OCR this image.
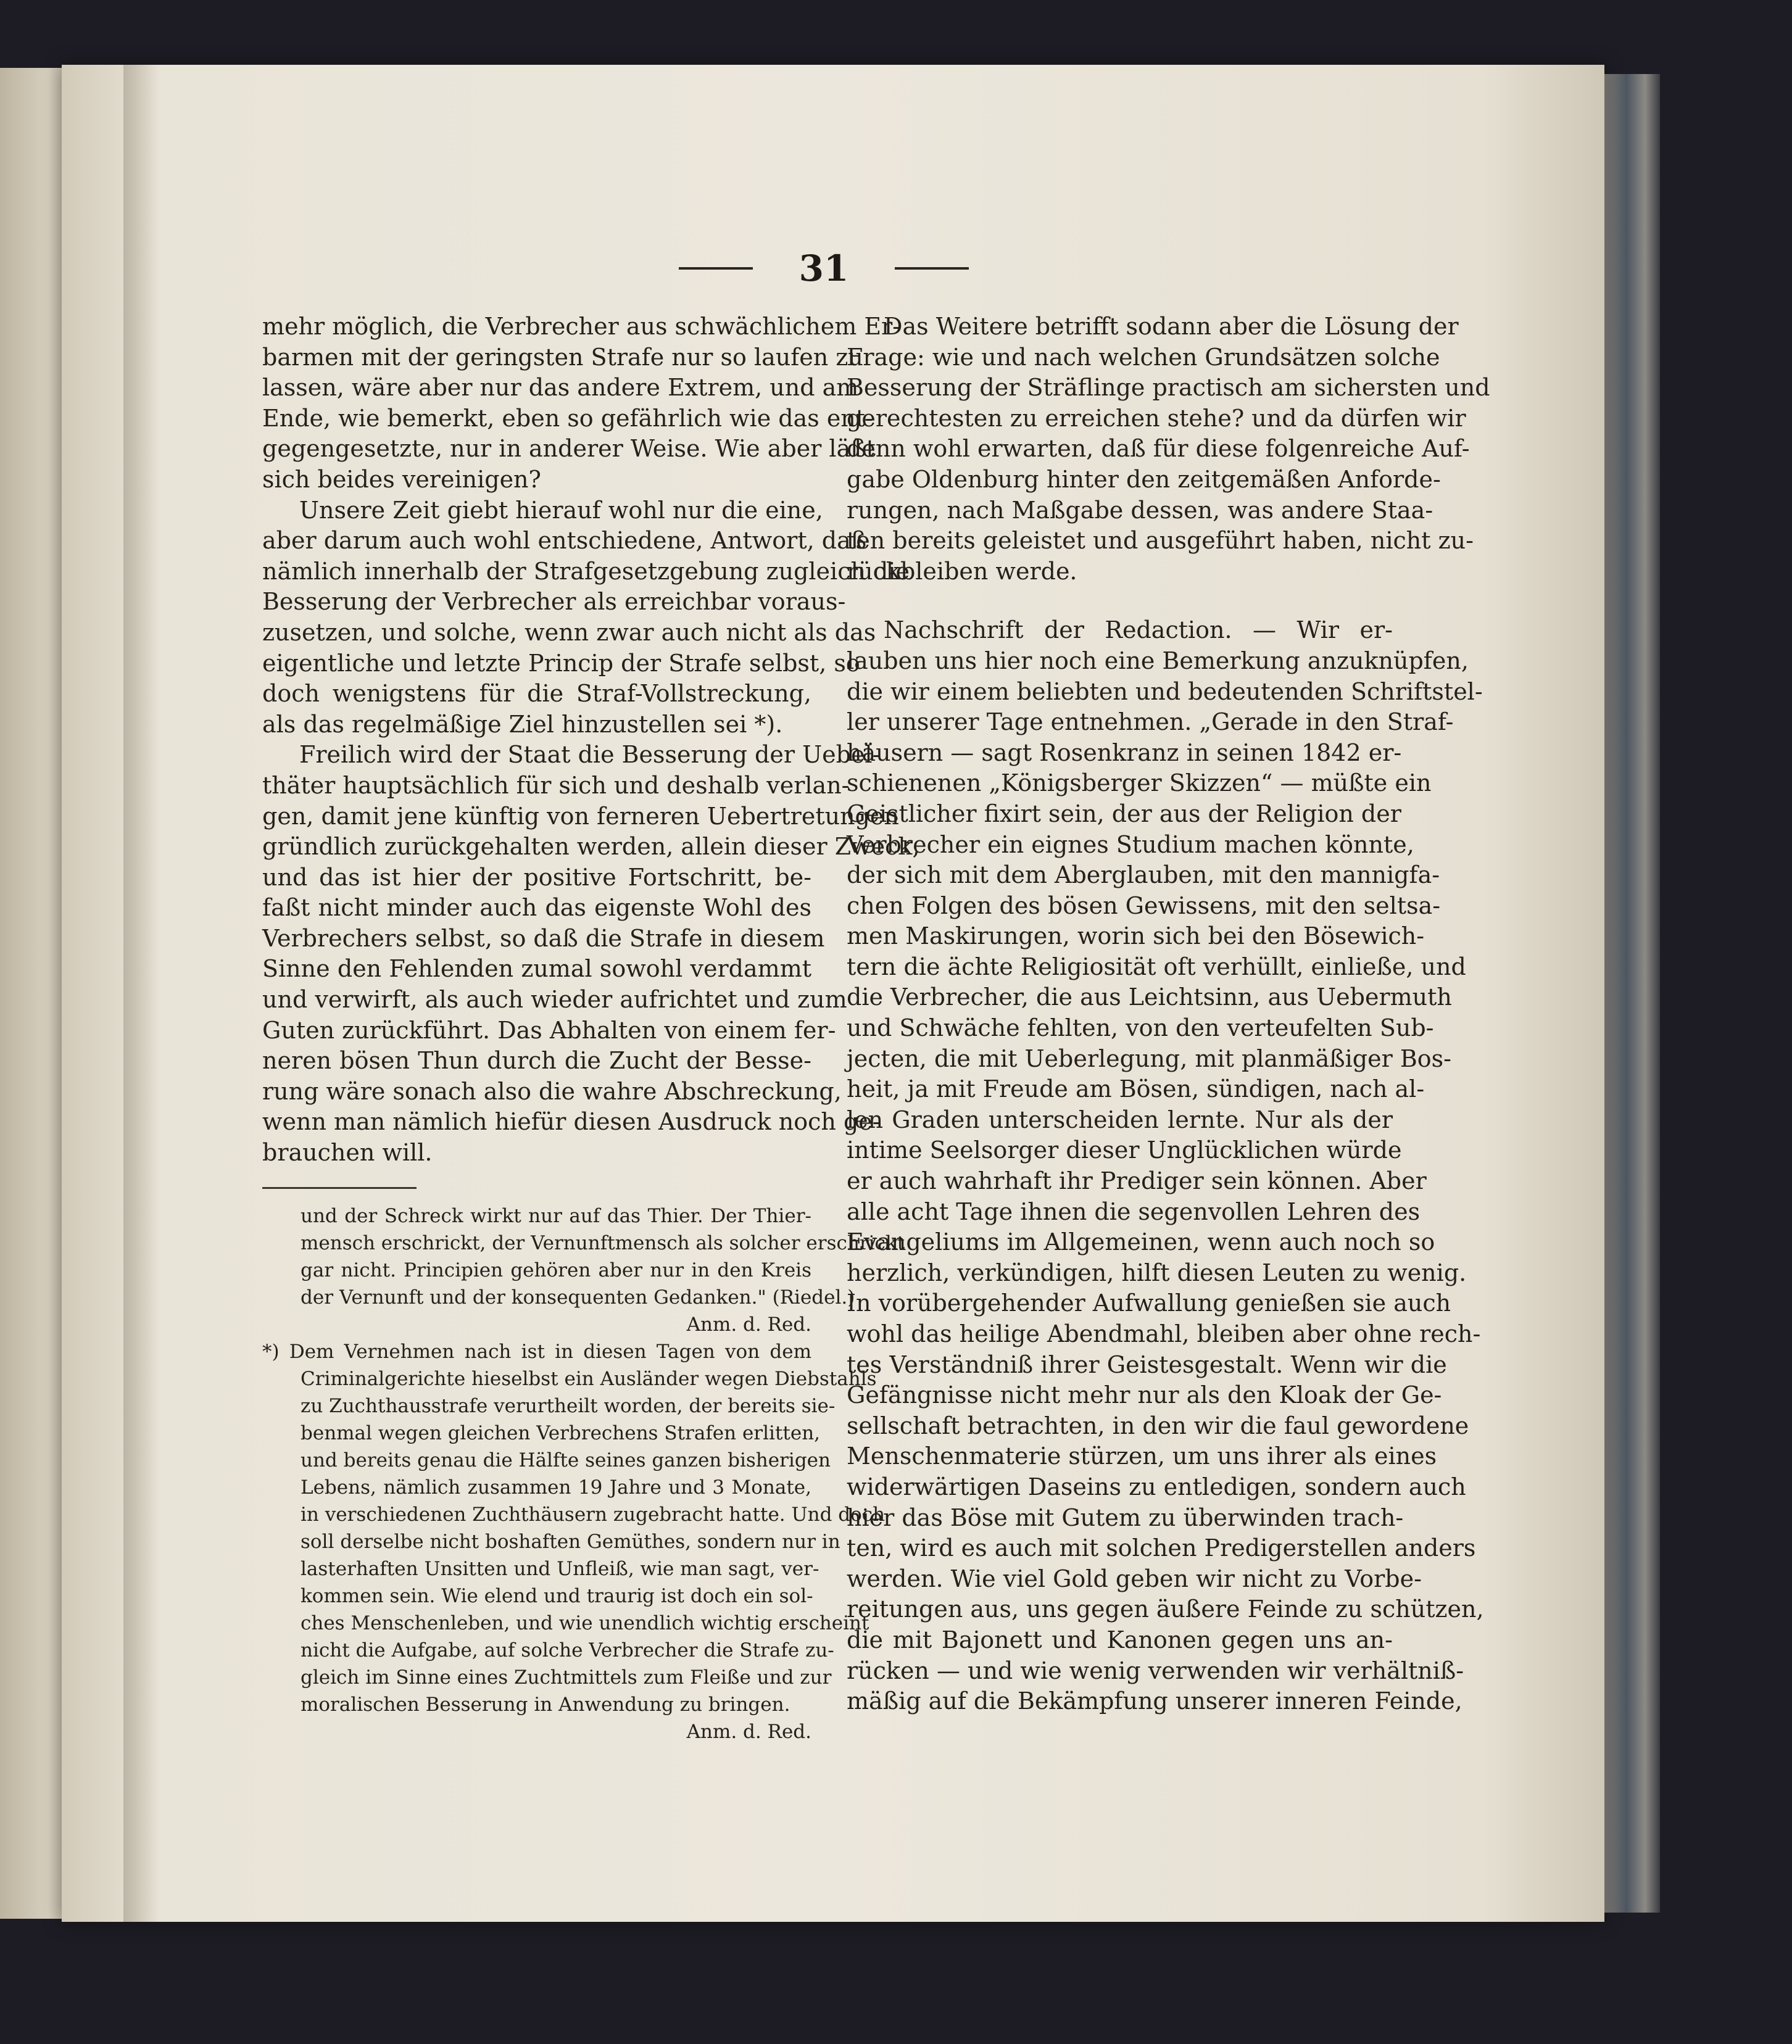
31

mehr möglich, die Verbrecher aus schwächlichem Er-

barmen mit der geringsten Strafe nur so laufen zu

lassen, wäre aber nur das andere Extrem, und am

Ende, wie bemerkt, eben so gefährlich wie das ent-

gegengesetzte, nur in anderer Weise. Wie aber läßt

sich beides vereinigen?

Unsere Zeit giebt hierauf wohl nur die eine,

aber darum auch wohl entschiedene, Antwort, daß

nämlich innerhalb der Strafgesetzgebung zugleich die

Besserung der Verbrecher als erreichbar voraus-

zusetzen, und solche, wenn zwar auch nicht als das

eigentliche und letzte Princip der Strafe selbst, so

doch wenigstens für die Straf-Vollstreckung,

als das regelmäßige Ziel hinzustellen sei *).

Freilich wird der Staat die Besserung der Uebel-

thäter hauptsächlich für sich und deshalb verlan-

gen, damit jene künftig von ferneren Uebertretungen

gründlich zurückgehalten werden, allein dieser Zweck,

und das ist hier der positive Fortschritt, be-

faßt nicht minder auch das eigenste Wohl des

Verbrechers selbst, so daß die Strafe in diesem

Sinne den Fehlenden zumal sowohl verdammt

und verwirft, als auch wieder aufrichtet und zum

Guten zurückführt. Das Abhalten von einem fer-

neren bösen Thun durch die Zucht der Besse-

rung wäre sonach also die wahre Abschreckung,

wenn man nämlich hiefür diesen Ausdruck noch ge-

brauchen will.

und der Schreck wirkt nur auf das Thier. Der Thier-

mensch erschrickt, der Vernunftmensch als solcher erschrickt

gar nicht. Principien gehören aber nur in den Kreis

der Vernunft und der konsequenten Gedanken." (Riedel.)

Anm. d. Red.

*) Dem Vernehmen nach ist in diesen Tagen von dem

Criminalgerichte hieselbst ein Ausländer wegen Diebstahls

zu Zuchthausstrafe verurtheilt worden, der bereits sie-

benmal wegen gleichen Verbrechens Strafen erlitten,

und bereits genau die Hälfte seines ganzen bisherigen

Lebens, nämlich zusammen 19 Jahre und 3 Monate,

in verschiedenen Zuchthäusern zugebracht hatte. Und doch

soll derselbe nicht boshaften Gemüthes, sondern nur in

lasterhaften Unsitten und Unfleiß, wie man sagt, ver-

kommen sein. Wie elend und traurig ist doch ein sol-

ches Menschenleben, und wie unendlich wichtig erscheint

nicht die Aufgabe, auf solche Verbrecher die Strafe zu-

gleich im Sinne eines Zuchtmittels zum Fleiße und zur

moralischen Besserung in Anwendung zu bringen.

Anm. d. Red.

Das Weitere betrifft sodann aber die Lösung der

Frage: wie und nach welchen Grundsätzen solche

Besserung der Sträflinge practisch am sichersten und

gerechtesten zu erreichen stehe? und da dürfen wir

denn wohl erwarten, daß für diese folgenreiche Auf-

gabe Oldenburg hinter den zeitgemäßen Anforde-

rungen, nach Maßgabe dessen, was andere Staa-

ten bereits geleistet und ausgeführt haben, nicht zu-

rückbleiben werde.

Nachschrift der Redaction. — Wir er-

lauben uns hier noch eine Bemerkung anzuknüpfen,

die wir einem beliebten und bedeutenden Schriftstel-

ler unserer Tage entnehmen. „Gerade in den Straf-

häusern — sagt Rosenkranz in seinen 1842 er-

schienenen „Königsberger Skizzen“ — müßte ein

Geistlicher fixirt sein, der aus der Religion der

Verbrecher ein eignes Studium machen könnte,

der sich mit dem Aberglauben, mit den mannigfa-

chen Folgen des bösen Gewissens, mit den seltsa-

men Maskirungen, worin sich bei den Bösewich-

tern die ächte Religiosität oft verhüllt, einließe, und

die Verbrecher, die aus Leichtsinn, aus Uebermuth

und Schwäche fehlten, von den verteufelten Sub-

jecten, die mit Ueberlegung, mit planmäßiger Bos-

heit, ja mit Freude am Bösen, sündigen, nach al-

len Graden unterscheiden lernte. Nur als der

intime Seelsorger dieser Unglücklichen würde

er auch wahrhaft ihr Prediger sein können. Aber

alle acht Tage ihnen die segenvollen Lehren des

Evangeliums im Allgemeinen, wenn auch noch so

herzlich, verkündigen, hilft diesen Leuten zu wenig.

In vorübergehender Aufwallung genießen sie auch

wohl das heilige Abendmahl, bleiben aber ohne rech-

tes Verständniß ihrer Geistesgestalt. Wenn wir die

Gefängnisse nicht mehr nur als den Kloak der Ge-

sellschaft betrachten, in den wir die faul gewordene

Menschenmaterie stürzen, um uns ihrer als eines

widerwärtigen Daseins zu entledigen, sondern auch

hier das Böse mit Gutem zu überwinden trach-

ten, wird es auch mit solchen Predigerstellen anders

werden. Wie viel Gold geben wir nicht zu Vorbe-

reitungen aus, uns gegen äußere Feinde zu schützen,

die mit Bajonett und Kanonen gegen uns an-

rücken — und wie wenig verwenden wir verhältniß-

mäßig auf die Bekämpfung unserer inneren Feinde,
